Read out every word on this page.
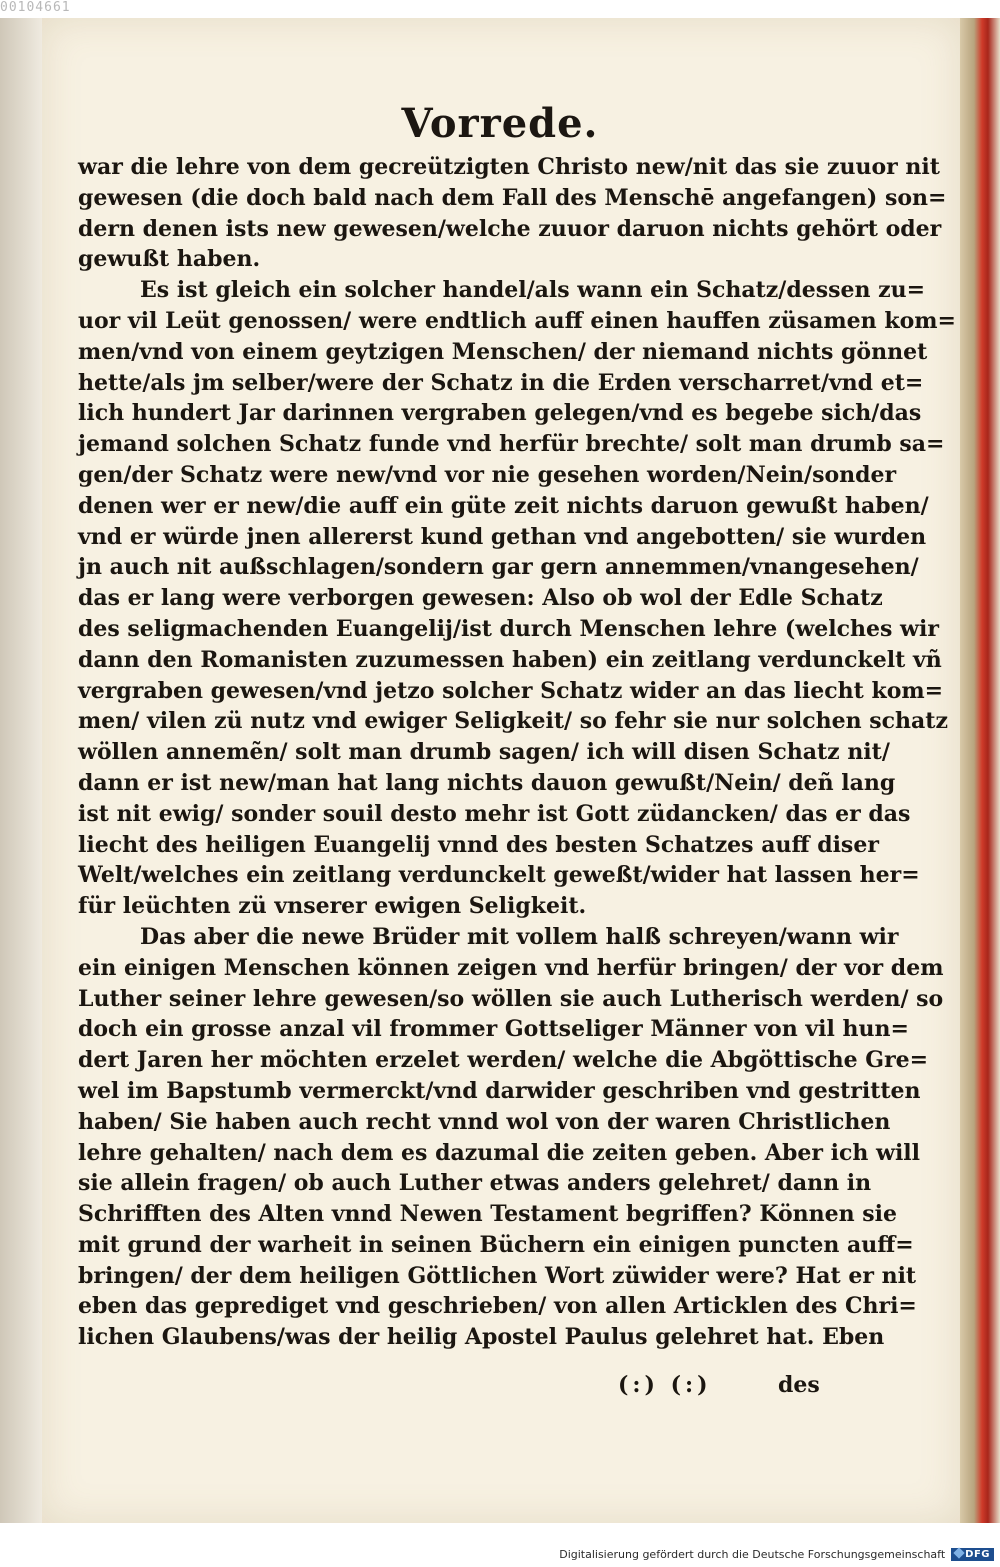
00104661
Vorrede.
war die lehre von dem gecreützigten Christo new/nit das sie zuuor nit
gewesen (die doch bald nach dem Fall des Menschē angefangen) son=
dern denen ists new gewesen/welche zuuor daruon nichts gehört oder
gewußt haben.
Es ist gleich ein solcher handel/als wann ein Schatz/dessen zu=
uor vil Leüt genossen/ were endtlich auff einen hauffen züsamen kom=
men/vnd von einem geytzigen Menschen/ der niemand nichts gönnet
hette/als jm selber/were der Schatz in die Erden verscharret/vnd et=
lich hundert Jar darinnen vergraben gelegen/vnd es begebe sich/das
jemand solchen Schatz funde vnd herfür brechte/ solt man drumb sa=
gen/der Schatz were new/vnd vor nie gesehen worden/Nein/sonder
denen wer er new/die auff ein güte zeit nichts daruon gewußt haben/
vnd er würde jnen allererst kund gethan vnd angebotten/ sie wurden
jn auch nit außschlagen/sondern gar gern annemmen/vnangesehen/
das er lang were verborgen gewesen: Also ob wol der Edle Schatz
des seligmachenden Euangelij/ist durch Menschen lehre (welches wir
dann den Romanisten zuzumessen haben) ein zeitlang verdunckelt vñ
vergraben gewesen/vnd jetzo solcher Schatz wider an das liecht kom=
men/ vilen zü nutz vnd ewiger Seligkeit/ so fehr sie nur solchen schatz
wöllen annemẽn/ solt man drumb sagen/ ich will disen Schatz nit/
dann er ist new/man hat lang nichts dauon gewußt/Nein/ deñ lang
ist nit ewig/ sonder souil desto mehr ist Gott züdancken/ das er das
liecht des heiligen Euangelij vnnd des besten Schatzes auff diser
Welt/welches ein zeitlang verdunckelt geweßt/wider hat lassen her=
für leüchten zü vnserer ewigen Seligkeit.
Das aber die newe Brüder mit vollem halß schreyen/wann wir
ein einigen Menschen können zeigen vnd herfür bringen/ der vor dem
Luther seiner lehre gewesen/so wöllen sie auch Lutherisch werden/ so
doch ein grosse anzal vil frommer Gottseliger Männer von vil hun=
dert Jaren her möchten erzelet werden/ welche die Abgöttische Gre=
wel im Bapstumb vermerckt/vnd darwider geschriben vnd gestritten
haben/ Sie haben auch recht vnnd wol von der waren Christlichen
lehre gehalten/ nach dem es dazumal die zeiten geben. Aber ich will
sie allein fragen/ ob auch Luther etwas anders gelehret/ dann in
Schrifften des Alten vnnd Newen Testament begriffen? Können sie
mit grund der warheit in seinen Büchern ein einigen puncten auff=
bringen/ der dem heiligen Göttlichen Wort züwider were? Hat er nit
eben das geprediget vnd geschrieben/ von allen Articklen des Chri=
lichen Glaubens/was der heilig Apostel Paulus gelehret hat. Eben
(:) (:)	des
Digitalisierung gefördert durch die Deutsche Forschungsgemeinschaft	DFG
